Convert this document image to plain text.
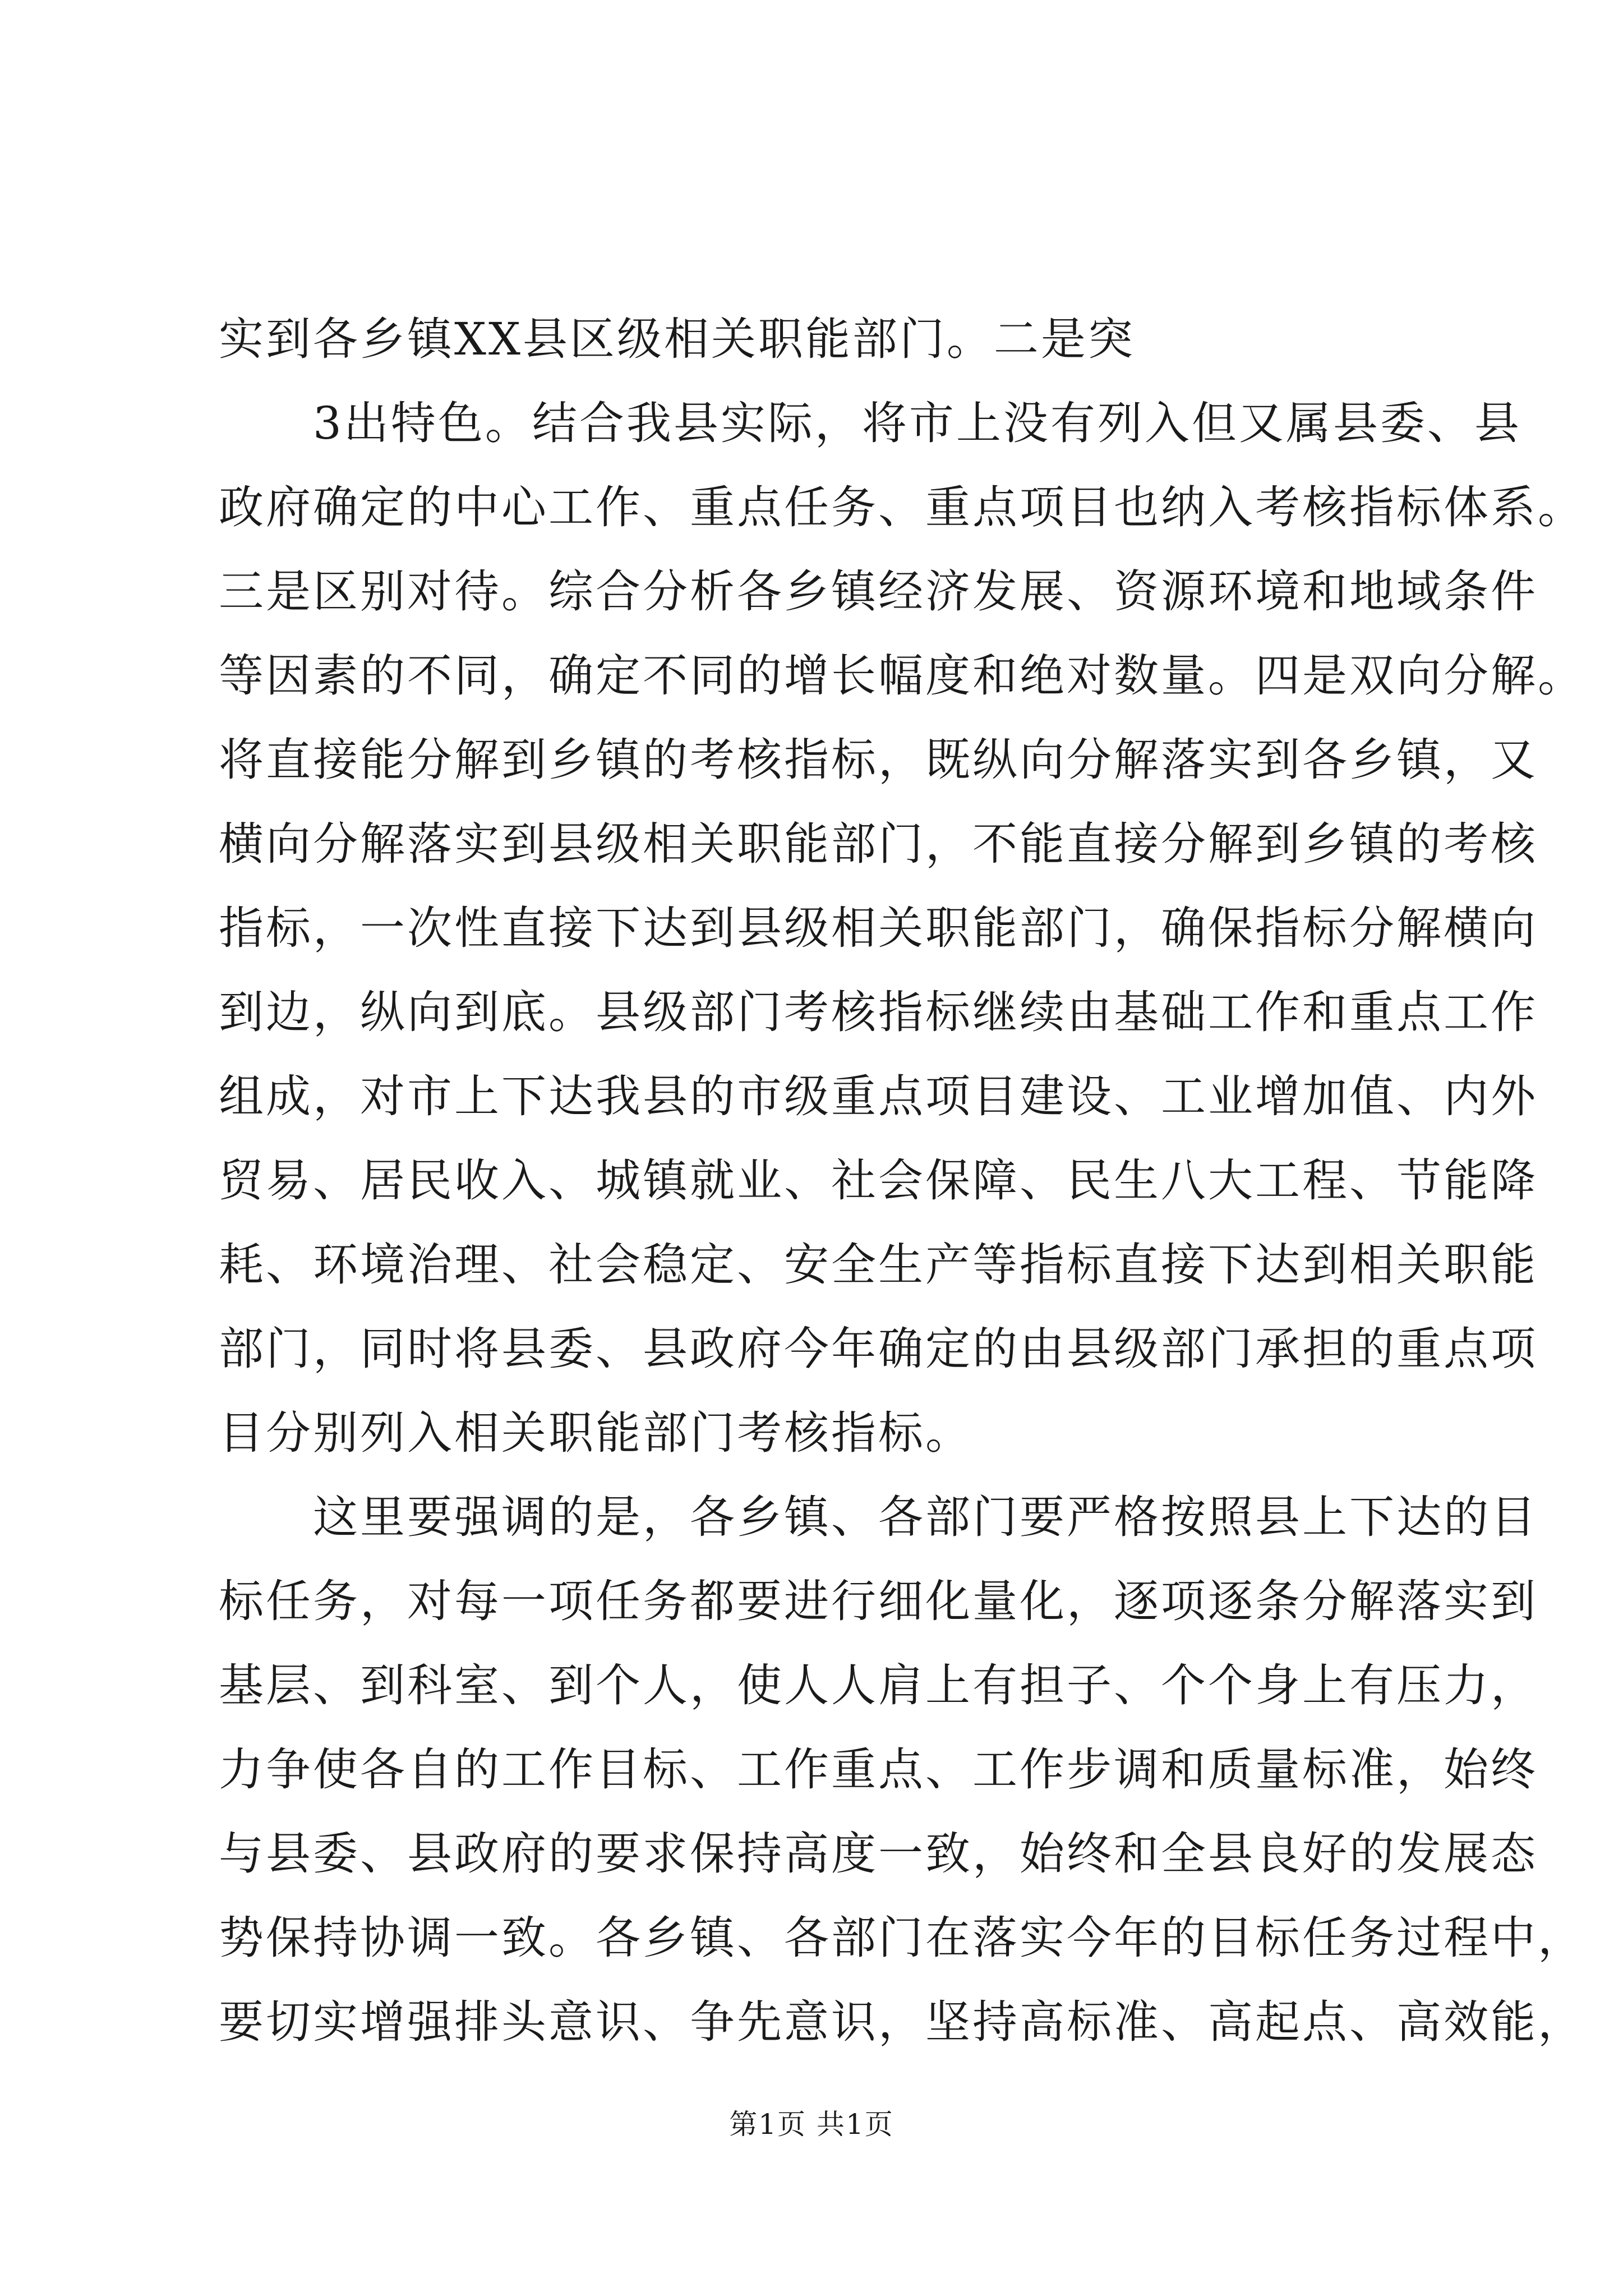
实到各乡镇XX县区级相关职能部门。二是突
　　3出特色。结合我县实际，将市上没有列入但又属县委、县
政府确定的中心工作、重点任务、重点项目也纳入考核指标体系。
三是区别对待。综合分析各乡镇经济发展、资源环境和地域条件
等因素的不同，确定不同的增长幅度和绝对数量。四是双向分解。
将直接能分解到乡镇的考核指标，既纵向分解落实到各乡镇，又
横向分解落实到县级相关职能部门，不能直接分解到乡镇的考核
指标，一次性直接下达到县级相关职能部门，确保指标分解横向
到边，纵向到底。县级部门考核指标继续由基础工作和重点工作
组成，对市上下达我县的市级重点项目建设、工业增加值、内外
贸易、居民收入、城镇就业、社会保障、民生八大工程、节能降
耗、环境治理、社会稳定、安全生产等指标直接下达到相关职能
部门，同时将县委、县政府今年确定的由县级部门承担的重点项
目分别列入相关职能部门考核指标。
　　这里要强调的是，各乡镇、各部门要严格按照县上下达的目
标任务，对每一项任务都要进行细化量化，逐项逐条分解落实到
基层、到科室、到个人，使人人肩上有担子、个个身上有压力，
力争使各自的工作目标、工作重点、工作步调和质量标准，始终
与县委、县政府的要求保持高度一致，始终和全县良好的发展态
势保持协调一致。各乡镇、各部门在落实今年的目标任务过程中，
要切实增强排头意识、争先意识，坚持高标准、高起点、高效能，
第1页 共1页
